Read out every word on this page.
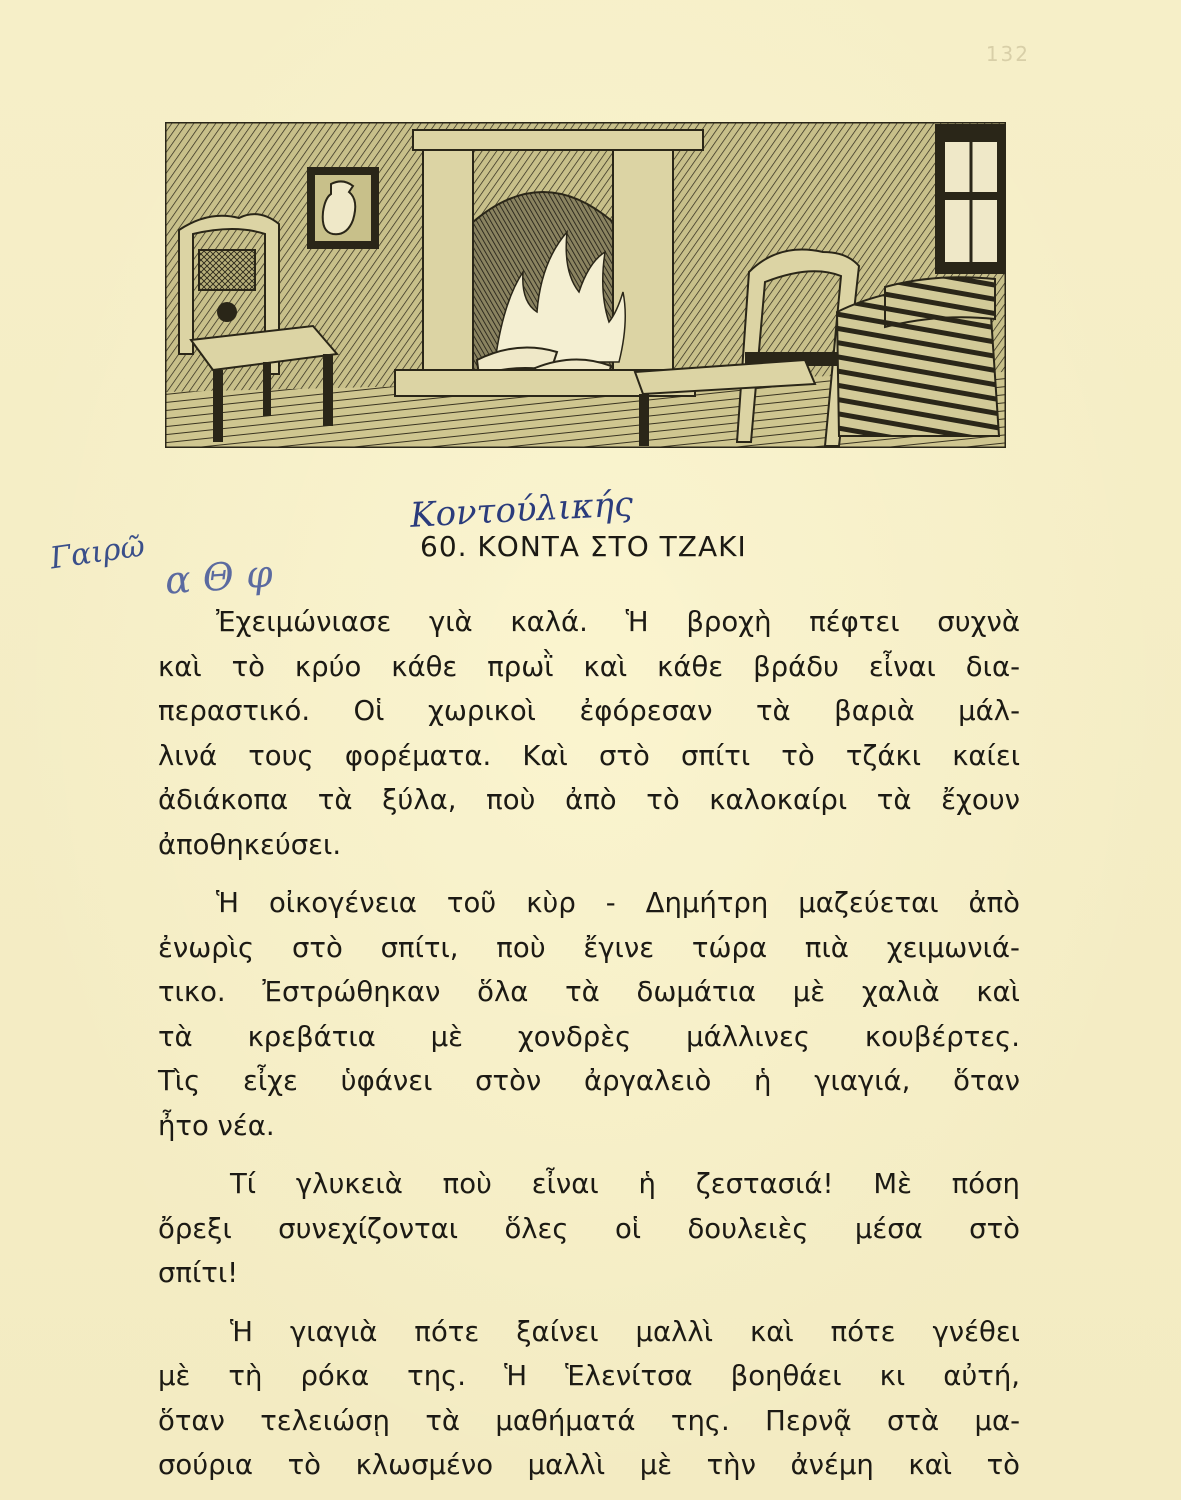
132
Γαιρῶ α Θ φ
Κοντούλικής
60. ΚΟΝΤΑ ΣΤΟ ΤΖΑΚΙ
Ἐχειμώνιασε γιὰ καλά. Ἡ βροχὴ πέφτει συχνὰ
καὶ τὸ κρύο κάθε πρωῒ καὶ κάθε βράδυ εἶναι δια-
περαστικό. Οἱ χωρικοὶ ἐφόρεσαν τὰ βαριὰ μάλ-
λινά τους φορέματα. Καὶ στὸ σπίτι τὸ τζάκι καίει
ἀδιάκοπα τὰ ξύλα, ποὺ ἀπὸ τὸ καλοκαίρι τὰ ἔχουν
ἀποθηκεύσει.
Ἡ οἰκογένεια τοῦ κὺρ - Δημήτρη μαζεύεται ἀπὸ
ἐνωρὶς στὸ σπίτι, ποὺ ἔγινε τώρα πιὰ χειμωνιά-
τικο. Ἐστρώθηκαν ὅλα τὰ δωμάτια μὲ χαλιὰ καὶ
τὰ κρεβάτια μὲ χονδρὲς μάλλινες κουβέρτες.
Τὶς εἶχε ὑφάνει στὸν ἀργαλειὸ ἡ γιαγιά, ὅταν
ἦτο νέα.
Τί γλυκειὰ ποὺ εἶναι ἡ ζεστασιά! Μὲ πόση
ὄρεξι συνεχίζονται ὅλες οἱ δουλειὲς μέσα στὸ
σπίτι!
Ἡ γιαγιὰ πότε ξαίνει μαλλὶ καὶ πότε γνέθει
μὲ τὴ ρόκα της. Ἡ Ἑλενίτσα βοηθάει κι αὐτή,
ὅταν τελειώσῃ τὰ μαθήματά της. Περνᾷ στὰ μα-
σούρια τὸ κλωσμένο μαλλὶ μὲ τὴν ἀνέμη καὶ τὸ
